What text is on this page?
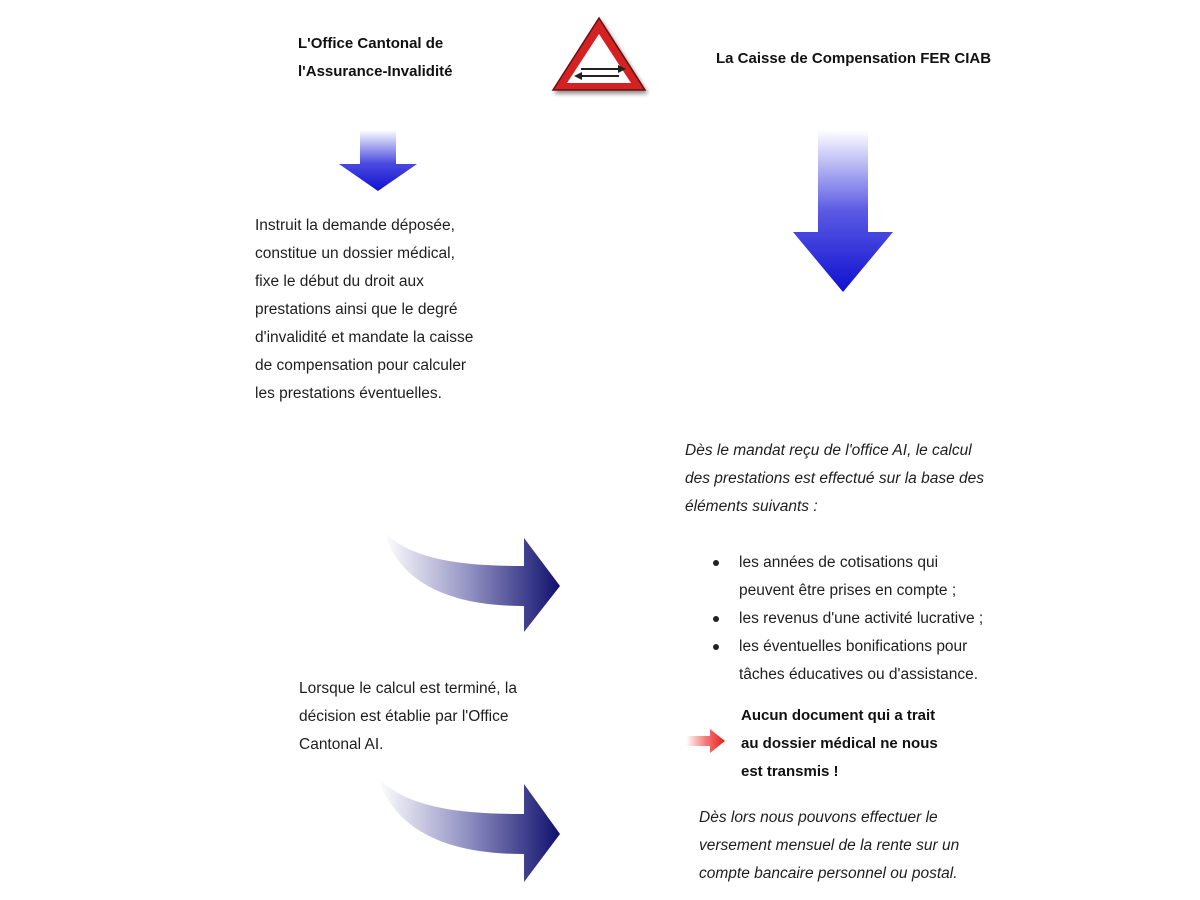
L'Office Cantonal de
l'Assurance-Invalidité
La Caisse de Compensation FER CIAB
Instruit la demande déposée,
constitue un dossier médical,
fixe le début du droit aux
prestations ainsi que le degré
d'invalidité et mandate la caisse
de compensation pour calculer
les prestations éventuelles.
Dès le mandat reçu de l'office AI, le calcul
des prestations est effectué sur la base des
éléments suivants :
les années de cotisations qui
peuvent être prises en compte ;
les revenus d'une activité lucrative ;
les éventuelles bonifications pour
tâches éducatives ou d'assistance.
Lorsque le calcul est terminé, la
décision est établie par l'Office
Cantonal AI.
Aucun document qui a trait
au dossier médical ne nous
est transmis !
Dès lors nous pouvons effectuer le
versement mensuel de la rente sur un
compte bancaire personnel ou postal.
